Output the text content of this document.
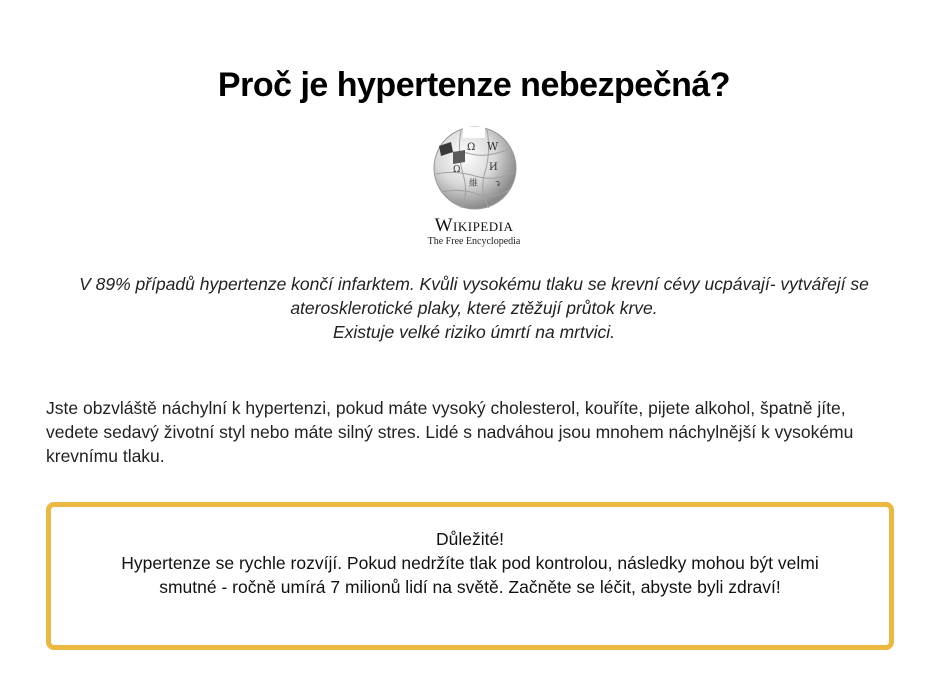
Proč je hypertenze nebezpečná?
Ω W
Ω	И
維 ว
Wikipedia
The Free Encyclopedia

V 89% případů hypertenze končí infarktem. Kvůli vysokému tlaku se krevní cévy ucpávají- vytvářejí se aterosklerotické plaky, které ztěžují průtok krve.

Existuje velké riziko úmrtí na mrtvici.

Jste obzvláště náchylní k hypertenzi, pokud máte vysoký cholesterol, kouříte, pijete alkohol, špatně jíte, vedete sedavý životní styl nebo máte silný stres. Lidé s nadváhou jsou mnohem náchylnější k vysokému krevnímu tlaku.

Důležité!

Hypertenze se rychle rozvíjí. Pokud nedržíte tlak pod kontrolou, následky mohou být velmi smutné - ročně umírá 7 milionů lidí na světě. Začněte se léčit, abyste byli zdraví!
